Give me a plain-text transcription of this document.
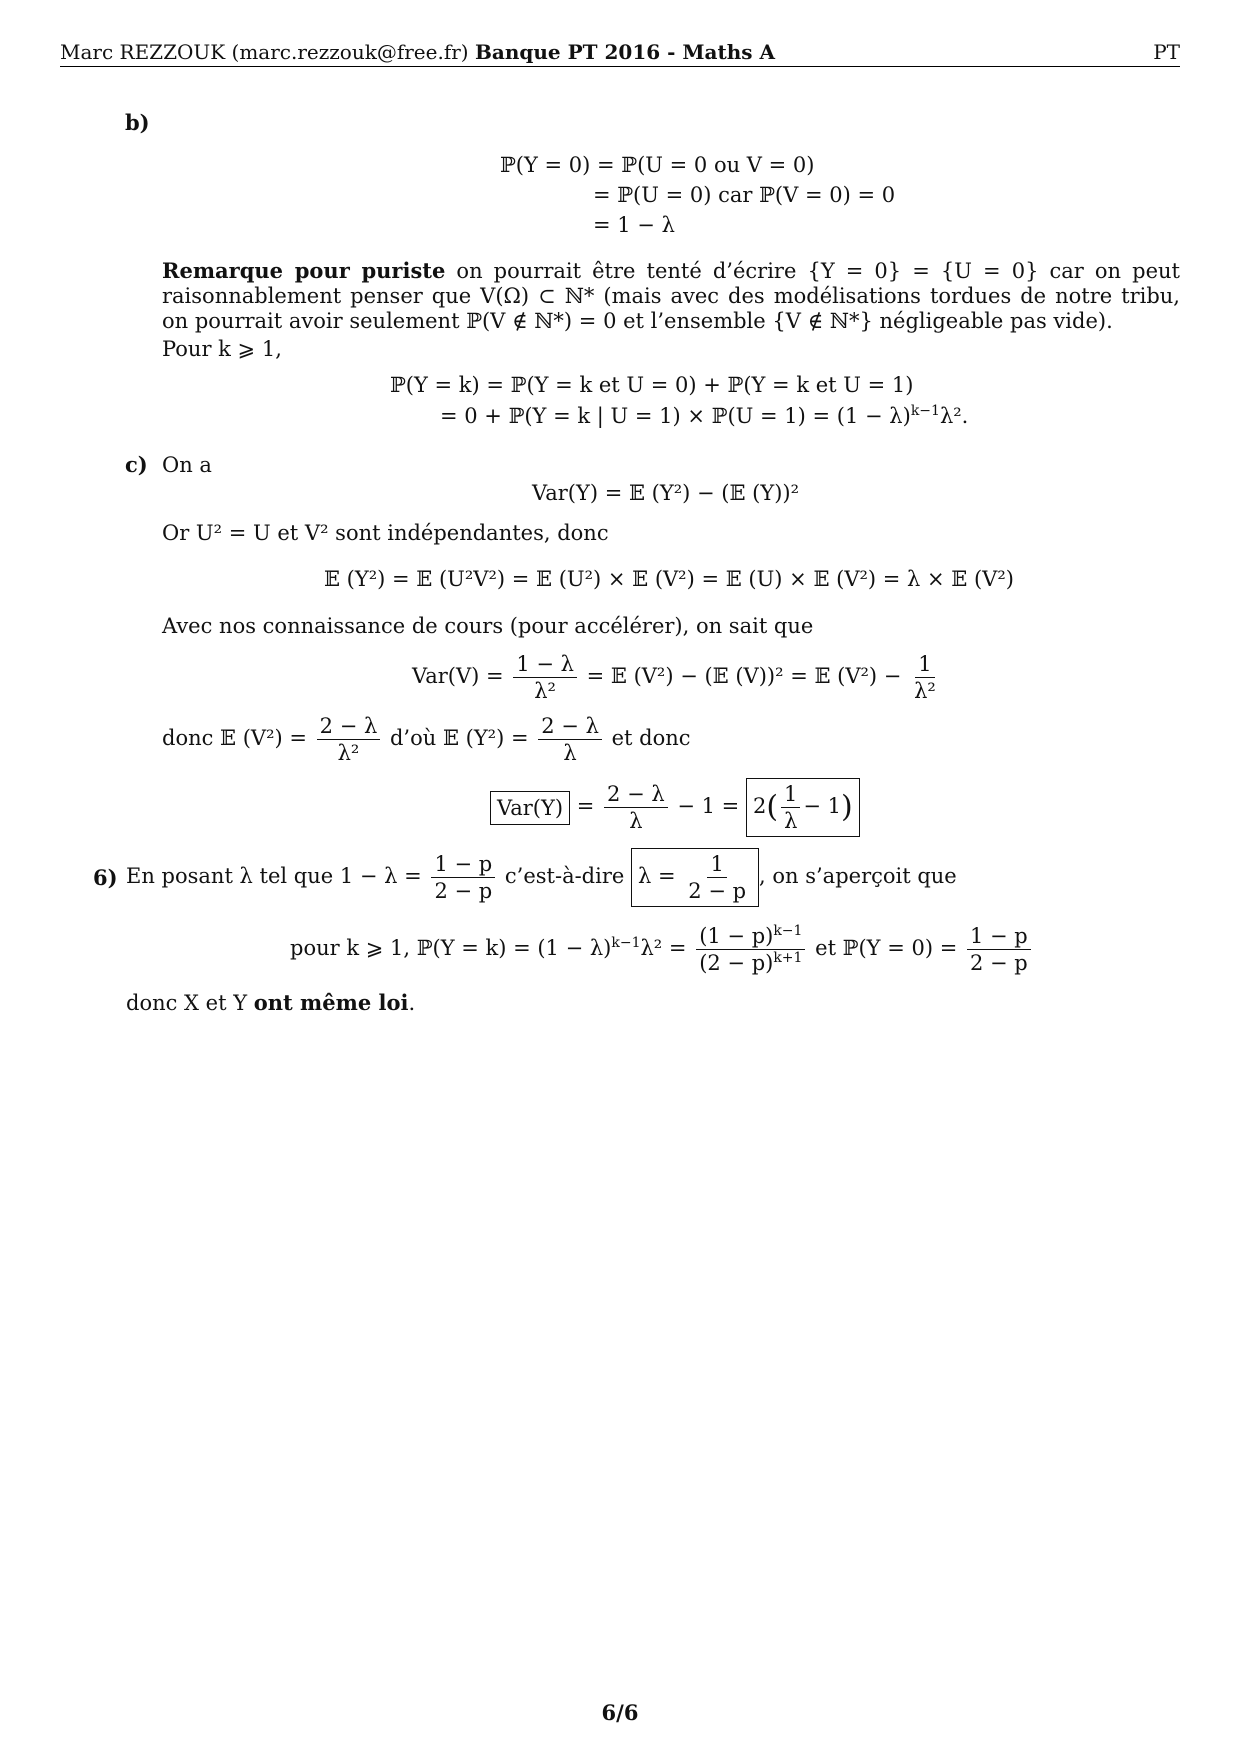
Marc REZZOUK (marc.rezzouk@free.fr) Banque PT 2016 - Maths A	PT
b)
ℙ(Y = 0) = ℙ(U = 0 ou V = 0)
= ℙ(U = 0) car ℙ(V = 0) = 0
= 1 − λ
Remarque pour puriste on pourrait être tenté d’écrire {Y = 0} = {U = 0} car on peut raisonnablement penser que V(Ω) ⊂ ℕ* (mais avec des modélisations tordues de notre tribu, on pourrait avoir seulement ℙ(V ∉ ℕ*) = 0 et l’ensemble {V ∉ ℕ*} négligeable pas vide).
Pour k ⩾ 1,
ℙ(Y = k) = ℙ(Y = k et U = 0) + ℙ(Y = k et U = 1)
= 0 + ℙ(Y = k | U = 1) × ℙ(U = $1) = (1 - \lambda)^{k-1}\lambda^2$.
c) On a
Var(Y) = 𝔼 (Y²) − (𝔼 (Y))²
Or U² = U et V² sont indépendantes, donc
𝔼 (Y²) = 𝔼 (U²V²) = 𝔼 (U²) × 𝔼 (V²) = 𝔼 (U) × 𝔼 (V²) = λ × 𝔼 (V²)
Avec nos connaissance de cours (pour accélérer), on sait que
$Var(V) = \frac{1 - \lambda}{\text{λ²}}$ = 𝔼 (V²) − (𝔼 (V))² = 𝔼 $(V^2) - \frac{1}{\text{λ²}}$
donc 𝔼 $(V^2) = \frac{2 - \lambda}{\text{λ²}}$ d’où 𝔼 $(Y^2) = \frac{2 - \lambda}{\lambda}$ et donc
$Var(Y) = \frac{2 - \lambda}{\lambda} - 1 = 2( \frac{1}{\lambda} - 1)$
6) En posant λ tel que $1 - \lambda = \frac{1 - p}{2 - p}$ c’est-à-dire $\lambda = \frac{1}{2 - p}$ , on s’aperçoit que
pour k ⩾ 1, ℙ(Y = $k) = (1 - \lambda)^{k-1}\lambda^2 = \frac{(1 - p)^{k-1}}{(2 - p)^{k+1}}$ et ℙ(Y = $0) = \frac{1 - p}{2 - p}$
donc X et Y ont même loi.
6/6
